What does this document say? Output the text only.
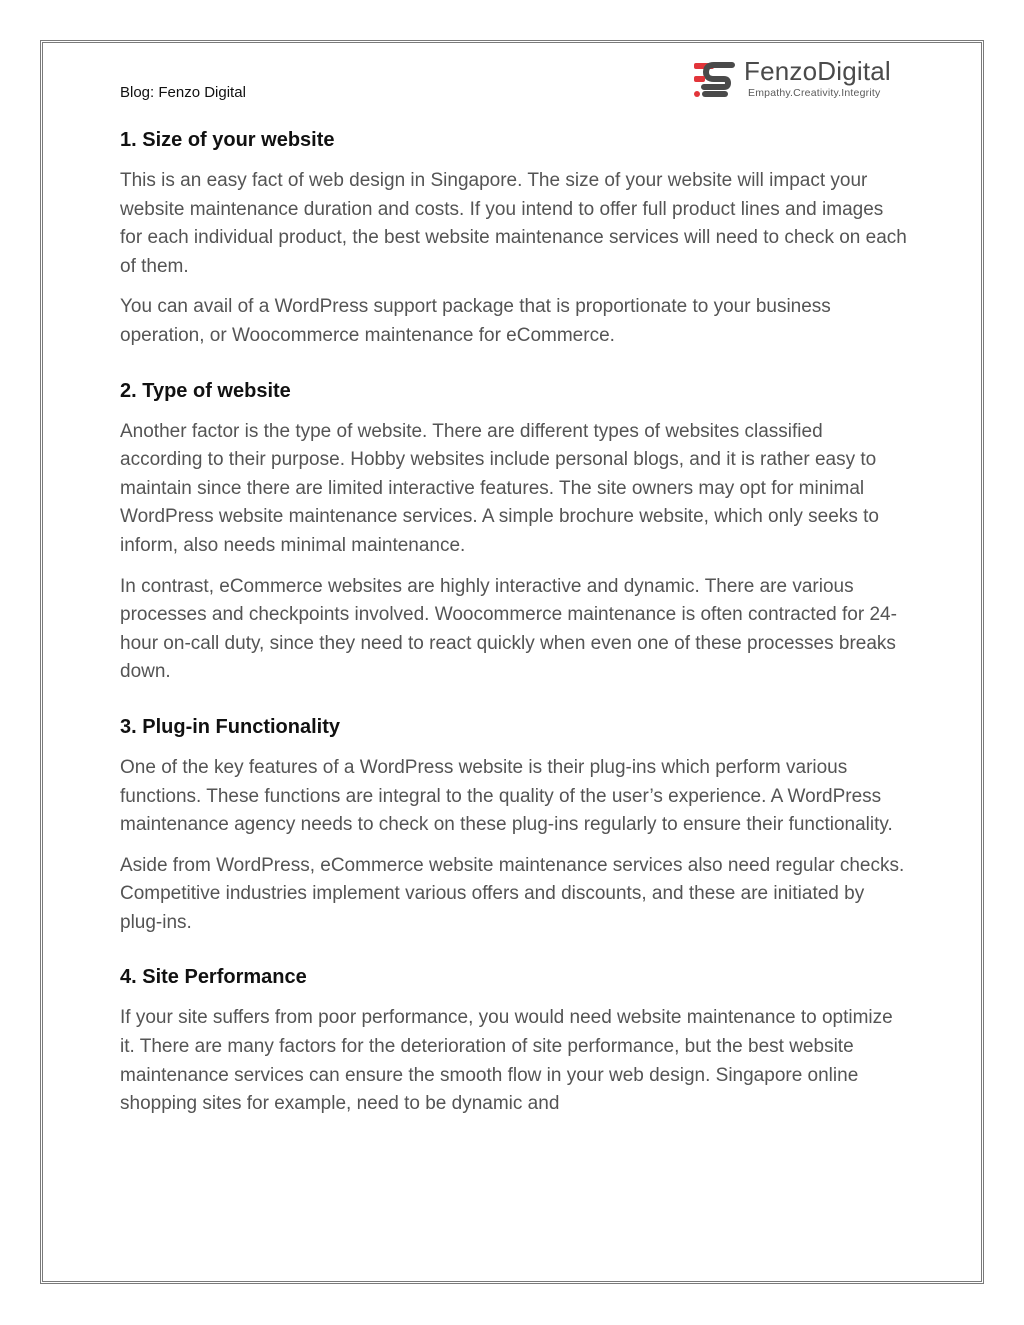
Blog: Fenzo Digital
FenzoDigital
Empathy.Creativity.Integrity
1. Size of your website

This is an easy fact of web design in Singapore. The size of your website will impact your website maintenance duration and costs. If you intend to offer full product lines and images for each individual product, the best website maintenance services will need to check on each of them.

You can avail of a WordPress support package that is proportionate to your business operation, or Woocommerce maintenance for eCommerce.

2. Type of website

Another factor is the type of website. There are different types of websites classified according to their purpose. Hobby websites include personal blogs, and it is rather easy to maintain since there are limited interactive features. The site owners may opt for minimal WordPress website maintenance services. A simple brochure website, which only seeks to inform, also needs minimal maintenance.

In contrast, eCommerce websites are highly interactive and dynamic. There are various processes and checkpoints involved. Woocommerce maintenance is often contracted for 24-hour on-call duty, since they need to react quickly when even one of these processes breaks down.

3. Plug-in Functionality

One of the key features of a WordPress website is their plug-ins which perform various functions. These functions are integral to the quality of the user’s experience. A WordPress maintenance agency needs to check on these plug-ins regularly to ensure their functionality.

Aside from WordPress, eCommerce website maintenance services also need regular checks. Competitive industries implement various offers and discounts, and these are initiated by plug-ins.

4. Site Performance

If your site suffers from poor performance, you would need website maintenance to optimize it. There are many factors for the deterioration of site performance, but the best website maintenance services can ensure the smooth flow in your web design. Singapore online shopping sites for example, need to be dynamic and
